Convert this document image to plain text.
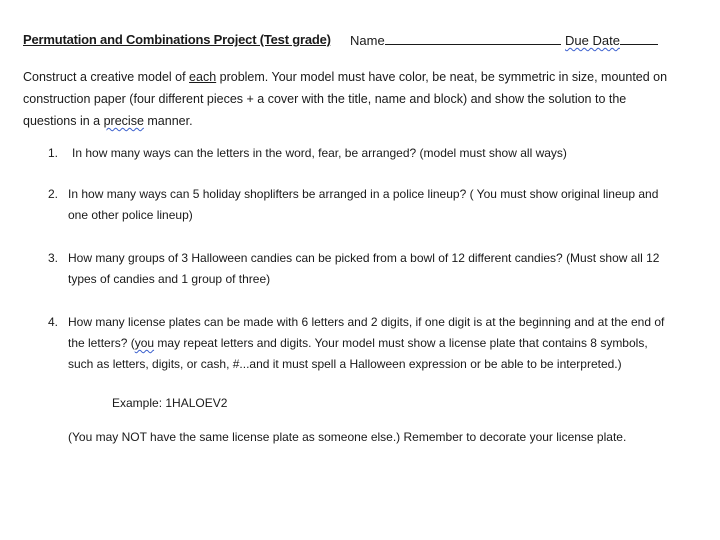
Permutation and Combinations Project (Test grade) Name	Due Date
Construct a creative model of each problem. Your model must have color, be neat, be symmetric in size, mounted on
construction paper (four different pieces + a cover with the title, name and block) and show the solution to the
questions in a precise manner.
1. In how many ways can the letters in the word, fear, be arranged? (model must show all ways)
2. In how many ways can 5 holiday shoplifters be arranged in a police lineup? ( You must show original lineup and
one other police lineup)
3. How many groups of 3 Halloween candies can be picked from a bowl of 12 different candies? (Must show all 12
types of candies and 1 group of three)
4. How many license plates can be made with 6 letters and 2 digits, if one digit is at the beginning and at the end of
the letters? (you may repeat letters and digits. Your model must show a license plate that contains 8 symbols,
such as letters, digits, or cash, #...and it must spell a Halloween expression or be able to be interpreted.)
Example: 1HALOEV2
(You may NOT have the same license plate as someone else.) Remember to decorate your license plate.
